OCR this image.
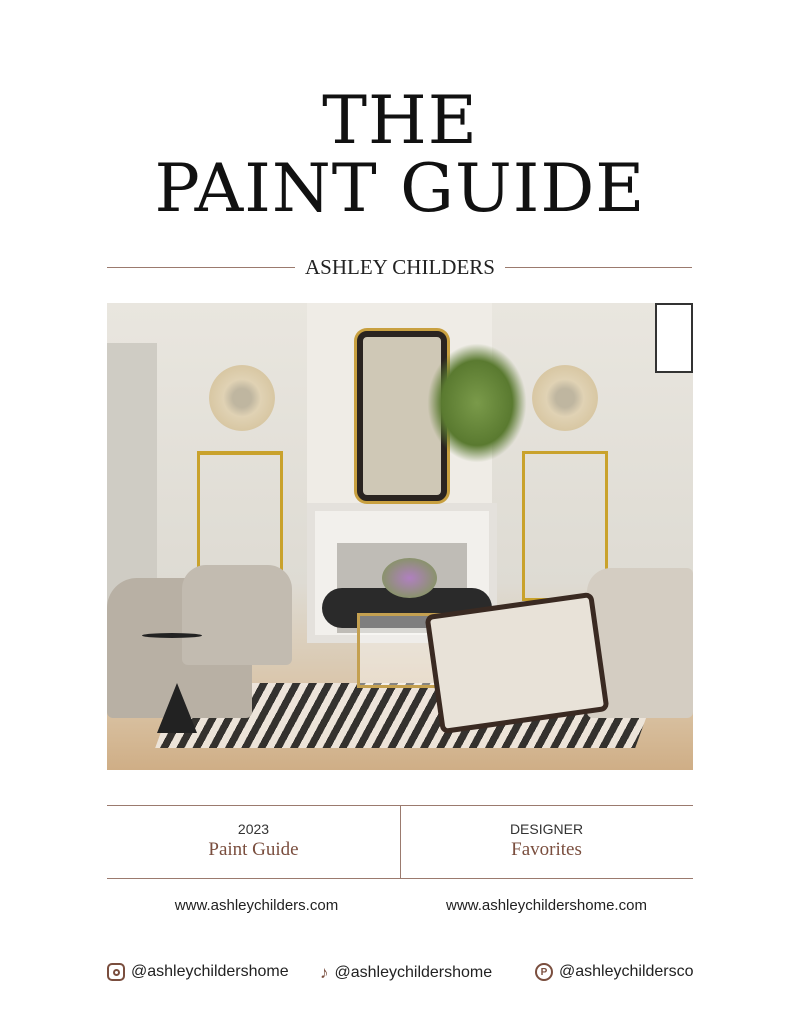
THE
PAINT GUIDE
ASHLEY CHILDERS
2023
Paint Guide
DESIGNER
Favorites
www.ashleychilders.com	www.ashleychildershome.com
@ashleychildershome ♪ @ashleychildershome	P @ashleychildersco
